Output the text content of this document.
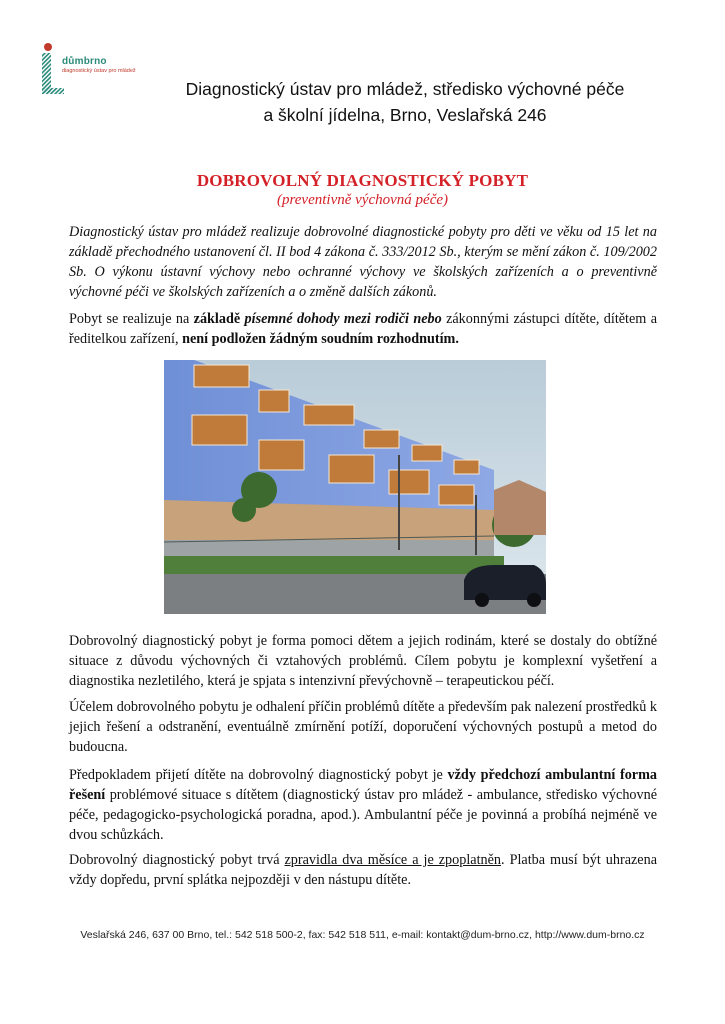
důmbrno
diagnostický ústav pro mládež
Diagnostický ústav pro mládež, středisko výchovné péče
a školní jídelna, Brno, Veslařská 246
DOBROVOLNÝ DIAGNOSTICKÝ POBYT
(preventivně výchovná péče)
Diagnostický ústav pro mládež realizuje dobrovolné diagnostické pobyty pro děti ve věku od 15 let na základě přechodného ustanovení čl. II bod 4 zákona č. 333/2012 Sb., kterým se mění zákon č. 109/2002 Sb. O výkonu ústavní výchovy nebo ochranné výchovy ve školských zařízeních a o preventivně výchovné péči ve školských zařízeních a o změně dalších zákonů.
Pobyt se realizuje na základě písemné dohody mezi rodiči nebo zákonnými zástupci dítěte, dítětem a ředitelkou zařízení, není podložen žádným soudním rozhodnutím.
Dobrovolný diagnostický pobyt je forma pomoci dětem a jejich rodinám, které se dostaly do obtížné situace z důvodu výchovných či vztahových problémů. Cílem pobytu je komplexní vyšetření a diagnostika nezletilého, která je spjata s intenzivní převýchovně – terapeutickou péčí.
Účelem dobrovolného pobytu je odhalení příčin problémů dítěte a především pak nalezení prostředků k jejich řešení a odstranění, eventuálně zmírnění potíží, doporučení výchovných postupů a metod do budoucna.
Předpokladem přijetí dítěte na dobrovolný diagnostický pobyt je vždy předchozí ambulantní forma řešení problémové situace s dítětem (diagnostický ústav pro mládež - ambulance, středisko výchovné péče, pedagogicko-psychologická poradna, apod.). Ambulantní péče je povinná a probíhá nejméně ve dvou schůzkách.
Dobrovolný diagnostický pobyt trvá zpravidla dva měsíce a je zpoplatněn. Platba musí být uhrazena vždy dopředu, první splátka nejpozději v den nástupu dítěte.
Veslařská 246, 637 00 Brno, tel.: 542 518 500-2, fax: 542 518 511, e-mail: kontakt@dum-brno.cz, http://www.dum-brno.cz
